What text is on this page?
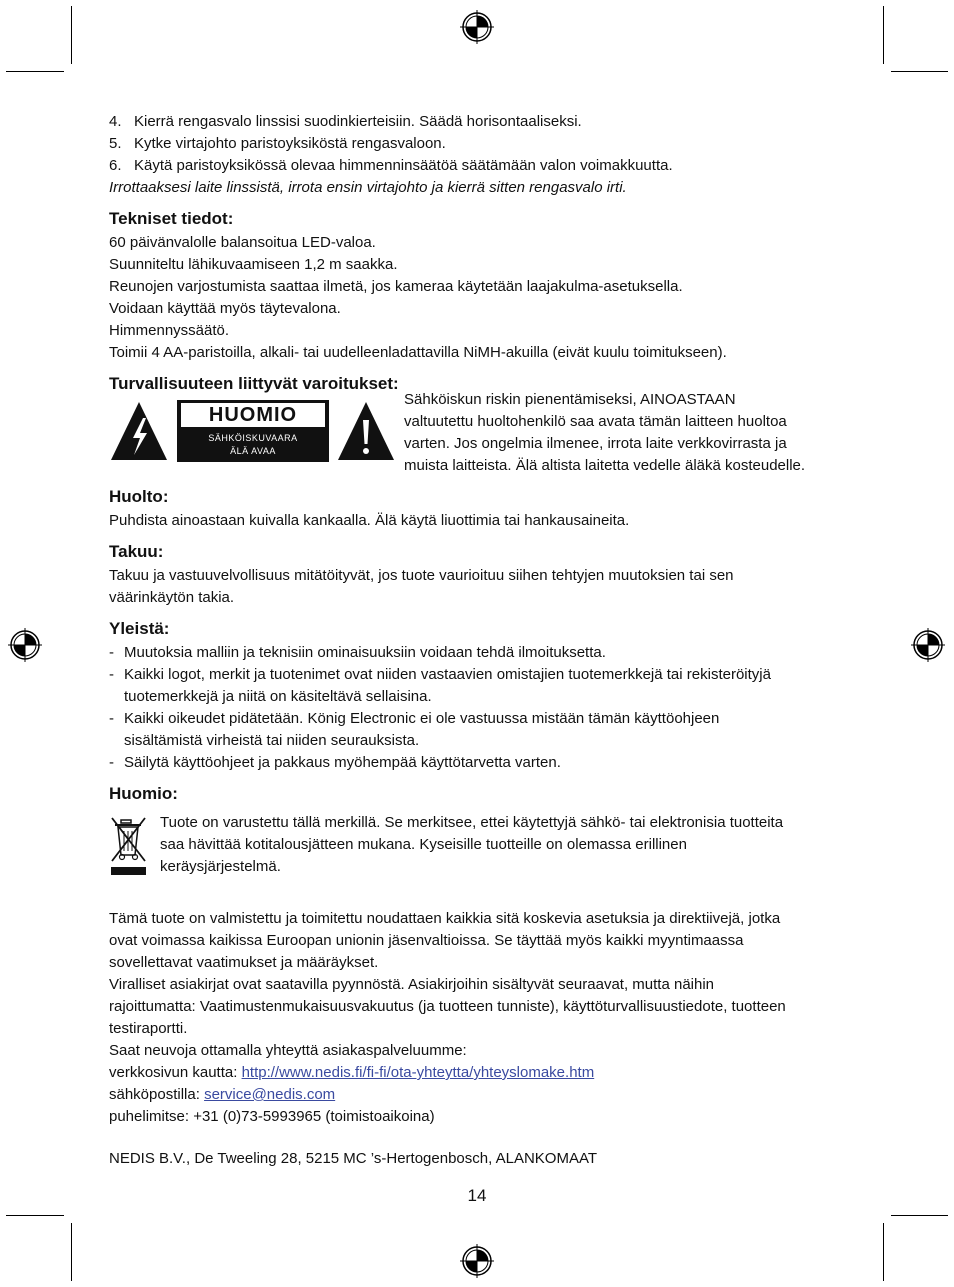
4. Kierrä rengasvalo linssisi suodinkierteisiin. Säädä horisontaaliseksi.
5. Kytke virtajohto paristoyksiköstä rengasvaloon.
6. Käytä paristoyksikössä olevaa himmenninsäätöä säätämään valon voimakkuutta.

Irrottaaksesi laite linssistä, irrota ensin virtajohto ja kierrä sitten rengasvalo irti.

Tekniset tiedot:

60 päivänvalolle balansoitua LED-valoa.

Suunniteltu lähikuvaamiseen 1,2 m saakka.

Reunojen varjostumista saattaa ilmetä, jos kameraa käytetään laajakulma-asetuksella.

Voidaan käyttää myös täytevalona.

Himmennyssäätö.

Toimii 4 AA-paristoilla, alkali- tai uudelleenladattavilla NiMH-akuilla (eivät kuulu toimitukseen).

Turvallisuuteen liittyvät varoitukset:
HUOMIO
SÄHKÖISKUVAARA
ÄLÄ AVAA

Sähköiskun riskin pienentämiseksi, AINOASTAAN

valtuutettu huoltohenkilö saa avata tämän laitteen huoltoa

varten. Jos ongelmia ilmenee, irrota laite verkkovirrasta ja

muista laitteista. Älä altista laitetta vedelle äläkä kosteudelle.

Huolto:

Puhdista ainoastaan kuivalla kankaalla. Älä käytä liuottimia tai hankausaineita.

Takuu:

Takuu ja vastuuvelvollisuus mitätöityvät, jos tuote vaurioituu siihen tehtyjen muutoksien tai sen

väärinkäytön takia.

Yleistä:
- Muutoksia malliin ja teknisiin ominaisuuksiin voidaan tehdä ilmoituksetta.

- Kaikki logot, merkit ja tuotenimet ovat niiden vastaavien omistajien tuotemerkkejä tai rekisteröityjä

tuotemerkkejä ja niitä on käsiteltävä sellaisina.

- Kaikki oikeudet pidätetään. König Electronic ei ole vastuussa mistään tämän käyttöohjeen

sisältämistä virheistä tai niiden seurauksista.

- Säilytä käyttöohjeet ja pakkaus myöhempää käyttötarvetta varten.

Huomio:

Tuote on varustettu tällä merkillä. Se merkitsee, ettei käytettyjä sähkö- tai elektronisia tuotteita

saa hävittää kotitalousjätteen mukana. Kyseisille tuotteille on olemassa erillinen

keräysjärjestelmä.

Tämä tuote on valmistettu ja toimitettu noudattaen kaikkia sitä koskevia asetuksia ja direktiivejä, jotka

ovat voimassa kaikissa Euroopan unionin jäsenvaltioissa. Se täyttää myös kaikki myyntimaassa

sovellettavat vaatimukset ja määräykset.

Viralliset asiakirjat ovat saatavilla pyynnöstä. Asiakirjoihin sisältyvät seuraavat, mutta näihin

rajoittumatta: Vaatimustenmukaisuusvakuutus (ja tuotteen tunniste), käyttöturvallisuustiedote, tuotteen

testiraportti.

Saat neuvoja ottamalla yhteyttä asiakaspalveluumme:

verkkosivun kautta: http://www.nedis.fi/fi-fi/ota-yhteytta/yhteyslomake.htm

sähköpostilla: service@nedis.com

puhelimitse: +31 (0)73-5993965 (toimistoaikoina)

NEDIS B.V., De Tweeling 28, 5215 MC ’s-Hertogenbosch, ALANKOMAAT

14
